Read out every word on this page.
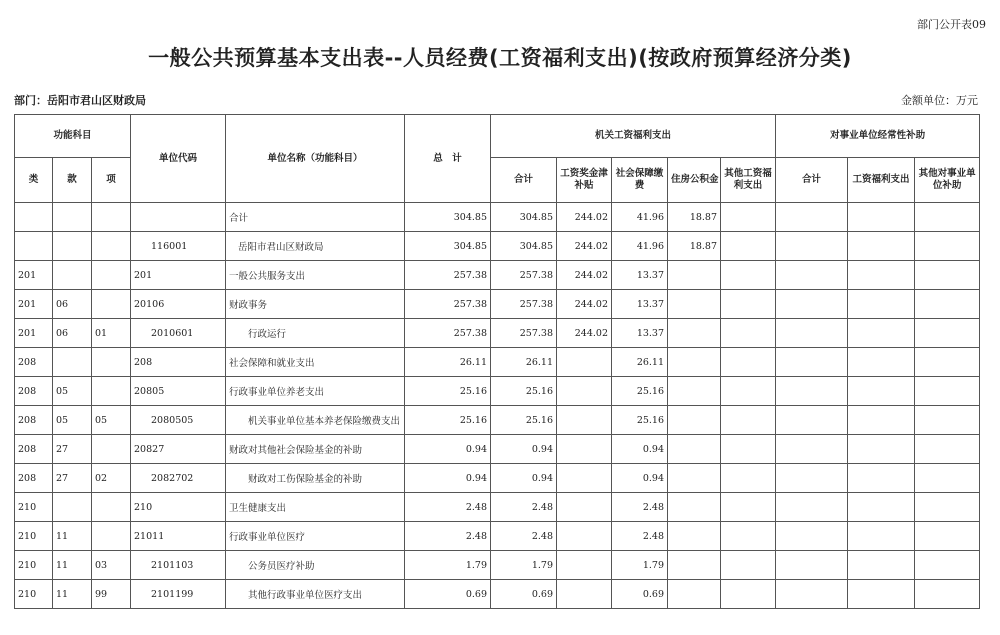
部门公开表09
一般公共预算基本支出表--人员经费(工资福利支出)(按政府预算经济分类)
部门：岳阳市君山区财政局	金额单位：万元
功能科目			单位代码	单位名称（功能科目）	总　计	机关工资福利支出					对事业单位经常性补助		
类	款	项				合计	工资奖金津补贴	社会保障缴费	住房公积金	其他工资福利支出	合计	工资福利支出	其他对事业单位补助
				合计	304.85	304.85	244.02	41.96	18.87				
			116001	岳阳市君山区财政局	304.85	304.85	244.02	41.96	18.87				
201			201	一般公共服务支出	257.38	257.38	244.02	13.37					
201	06		20106	财政事务	257.38	257.38	244.02	13.37					
201	06	01	2010601	行政运行	257.38	257.38	244.02	13.37					
208			208	社会保障和就业支出	26.11	26.11		26.11					
208	05		20805	行政事业单位养老支出	25.16	25.16		25.16					
208	05	05	2080505	机关事业单位基本养老保险缴费支出	25.16	25.16		25.16					
208	27		20827	财政对其他社会保险基金的补助	0.94	0.94		0.94					
208	27	02	2082702	财政对工伤保险基金的补助	0.94	0.94		0.94					
210			210	卫生健康支出	2.48	2.48		2.48					
210	11		21011	行政事业单位医疗	2.48	2.48		2.48					
210	11	03	2101103	公务员医疗补助	1.79	1.79		1.79					
210	11	99	2101199	其他行政事业单位医疗支出	0.69	0.69		0.69					
